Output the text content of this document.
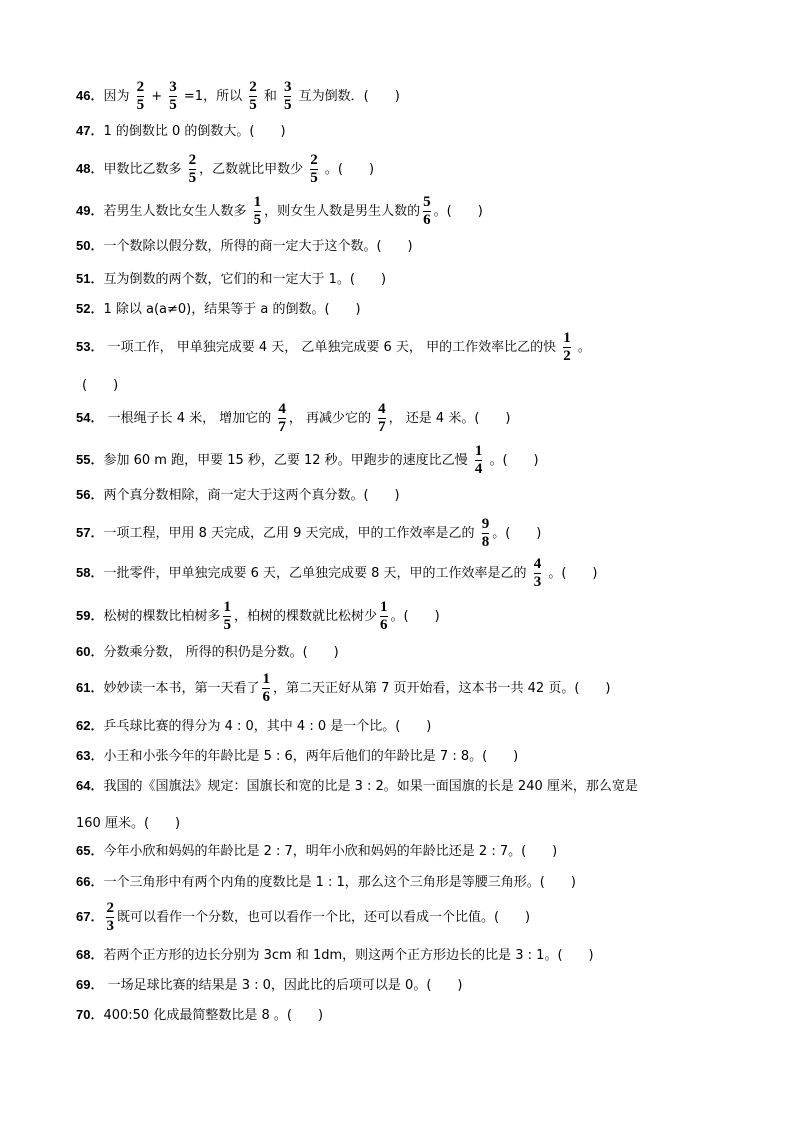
46．因为 $\frac{2}{5} + \frac{3}{5} =1$，所以 $\frac{2}{5}$ 和 $\frac{3}{5}$ 互为倒数．(　　)
47．1 的倒数比 0 的倒数大。(　　)
48．甲数比乙数多 $\frac{2}{5}$ ，乙数就比甲数少 $\frac{2}{5}$ 。(　　)
49．若男生人数比女生人数多 $\frac{1}{5}$ ，则女生人数是男生人数的 $\frac{5}{6}$ 。(　　)
50．一个数除以假分数，所得的商一定大于这个数。(　　)
51．互为倒数的两个数，它们的和一定大于 1。(　　)
52．1 除以 a(a≠0)，结果等于 a 的倒数。(　　)
53． 一项工作， 甲单独完成要 4 天， 乙单独完成要 6 天， 甲的工作效率比乙的快 $\frac{1}{2}$ 。
54． 一根绳子长 4 米， 增加它的 $\frac{4}{7}$ ， 再减少它的 $\frac{4}{7}$ ， 还是 4 米。(　　)
55．参加 60 m 跑，甲要 15 秒，乙要 12 秒。甲跑步的速度比乙慢 $\frac{1}{4}$ 。(　　)
56．两个真分数相除，商一定大于这两个真分数。(　　)
57．一项工程，甲用 8 天完成，乙用 9 天完成，甲的工作效率是乙的 $\frac{9}{8}$ 。(　　)
58．一批零件，甲单独完成要 6 天，乙单独完成要 8 天，甲的工作效率是乙的 $\frac{4}{3}$ 。(　　)
59．松树的棵数比柏树多 $\frac{1}{5}$ ，柏树的棵数就比松树少 $\frac{1}{6}$ 。(　　)
60．分数乘分数， 所得的积仍是分数。(　　)
61．妙妙读一本书，第一天看了 $\frac{1}{6}$ ，第二天正好从第 7 页开始看，这本书一共 42 页。(　　)
62．乒乓球比赛的得分为 4 : 0，其中 4 : 0 是一个比。(　　)
63．小王和小张今年的年龄比是 5 : 6，两年后他们的年龄比是 7 : 8。(　　)
64．我国的《国旗法》规定：国旗长和宽的比是 3 : 2。如果一面国旗的长是 240 厘米，那么宽是
65．今年小欣和妈妈的年龄比是 2 : 7，明年小欣和妈妈的年龄比还是 2 : 7。(　　)
66．一个三角形中有两个内角的度数比是 1 : 1，那么这个三角形是等腰三角形。(　　)
67． $\frac{2}{3}$ 既可以看作一个分数，也可以看作一个比，还可以看成一个比值。(　　)
68．若两个正方形的边长分别为 3cm 和 1dm，则这两个正方形边长的比是 3 : 1。(　　)
69． 一场足球比赛的结果是 3 : 0，因此比的后项可以是 0。(　　)
70．400:50 化成最简整数比是 8 。(　　)
(　　)
160 厘米。(　　)
